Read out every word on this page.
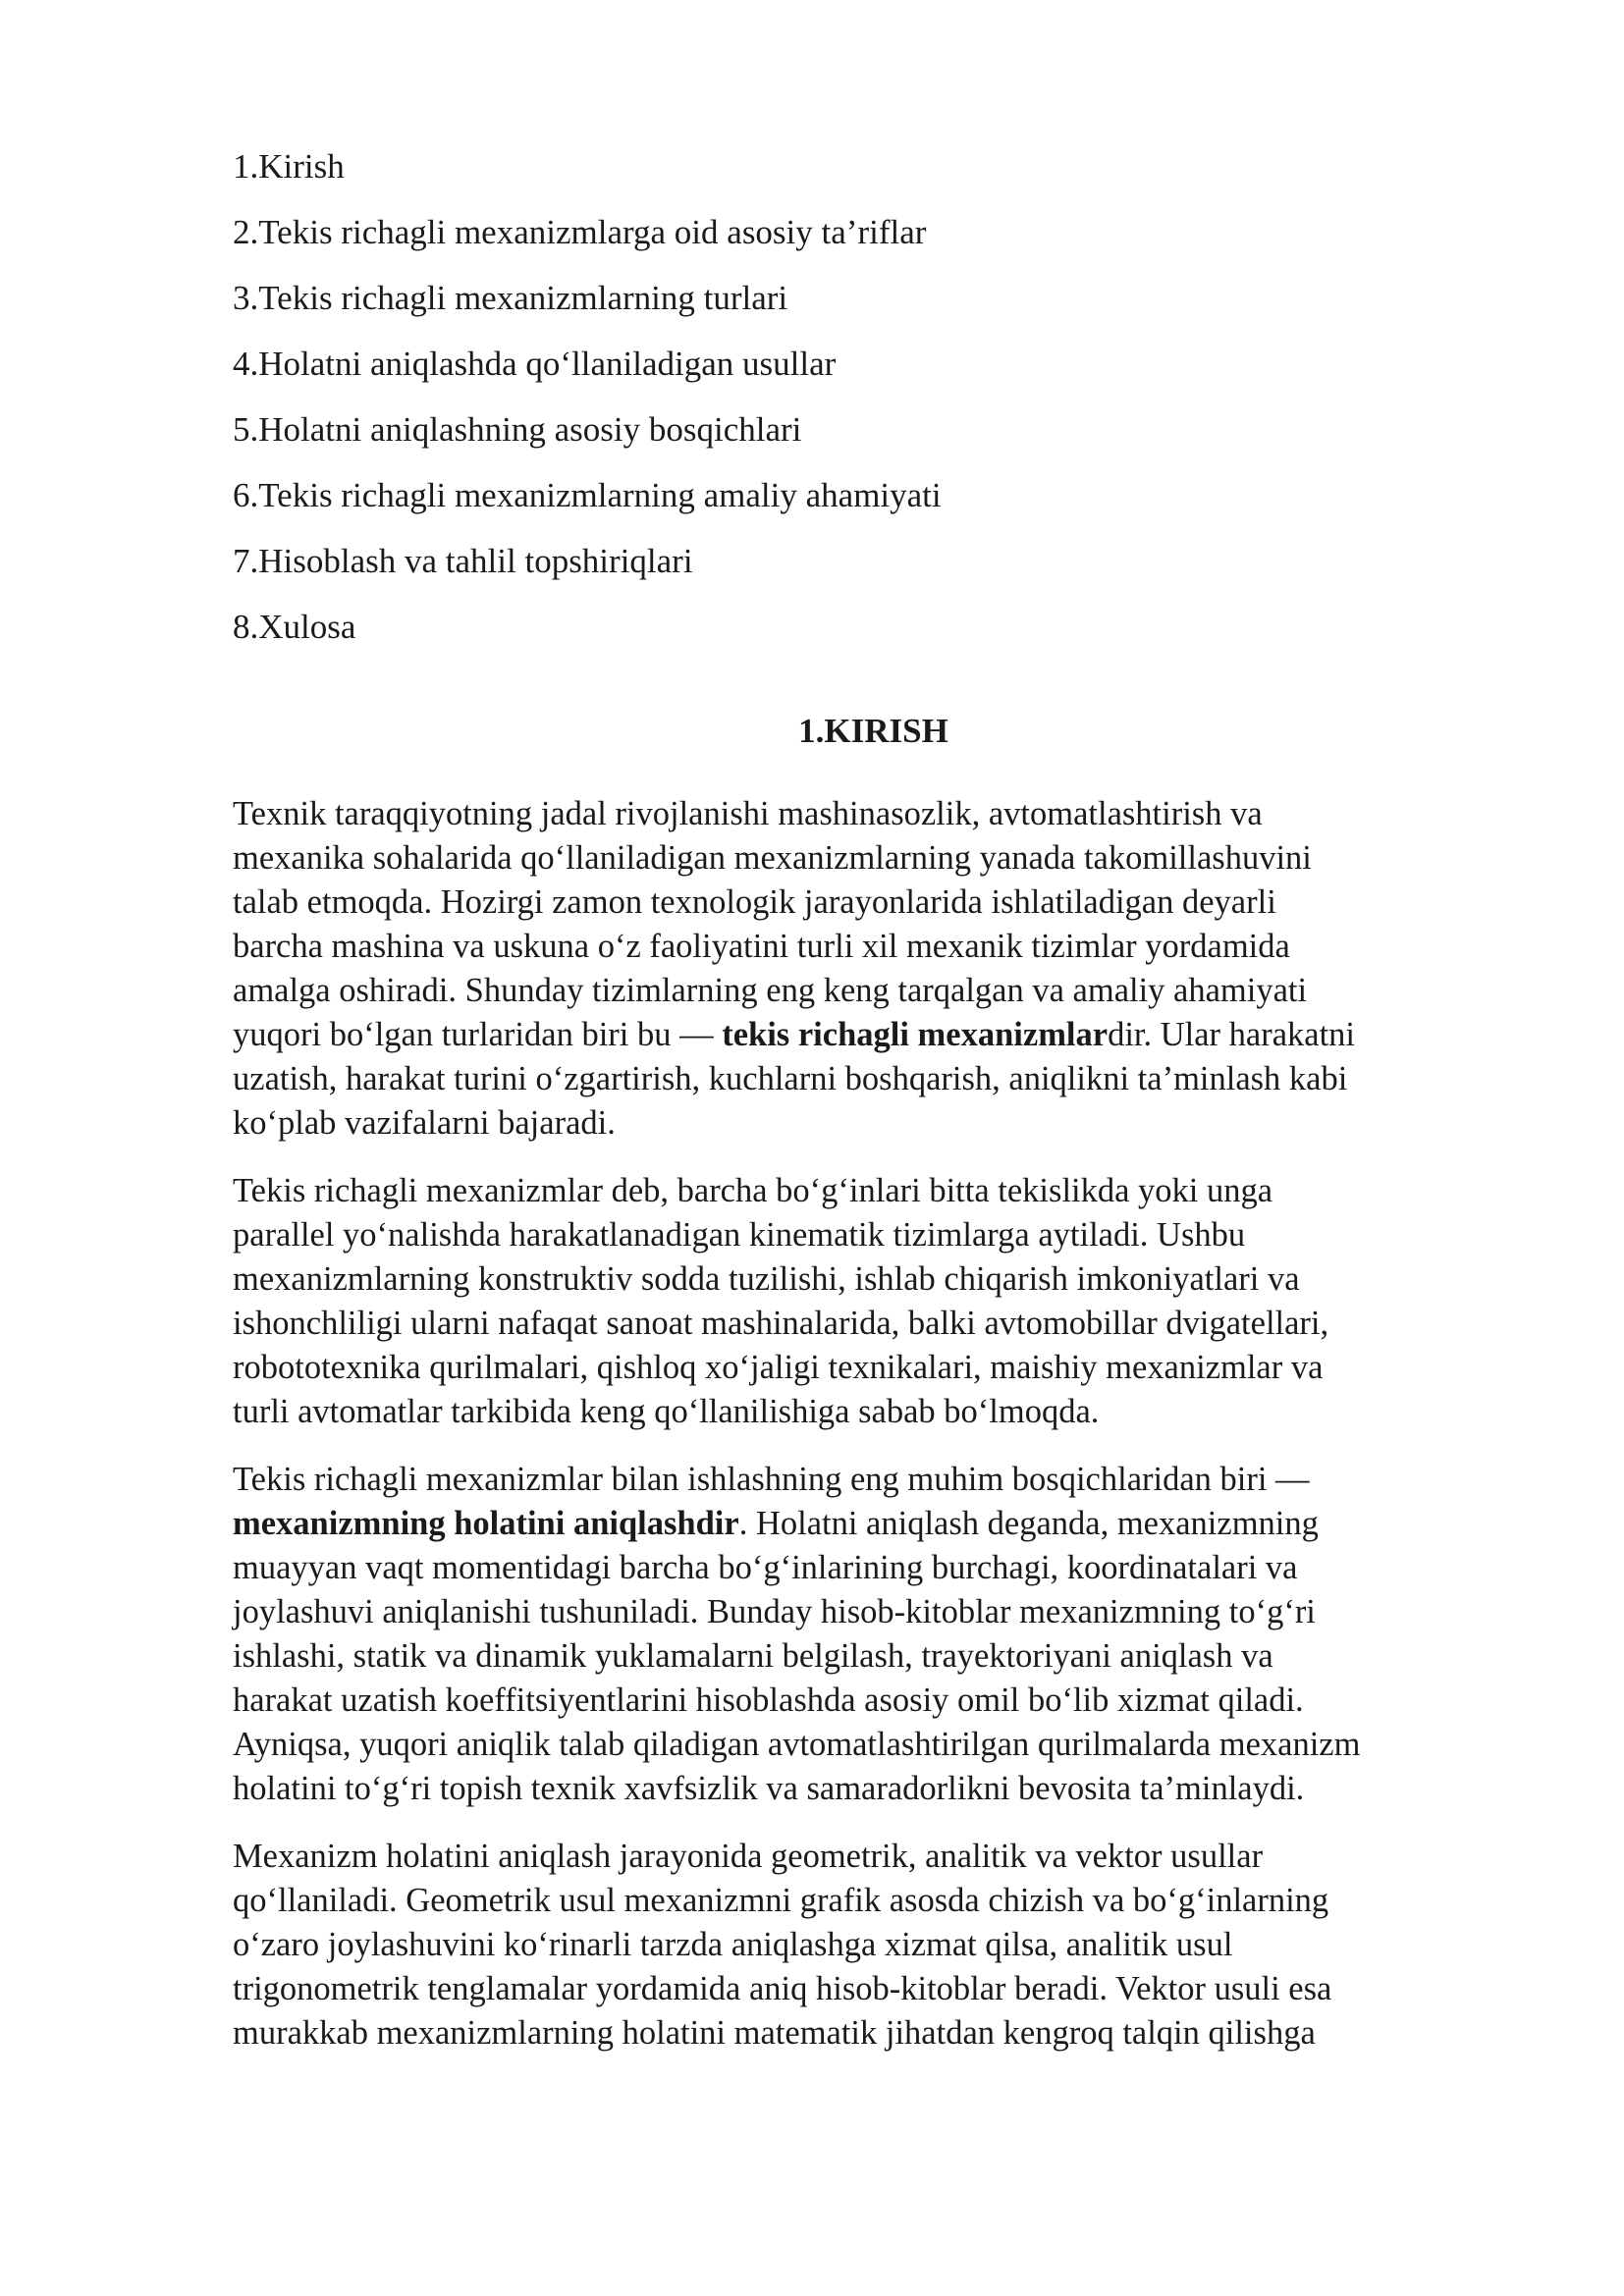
1.Kirish
2.Tekis richagli mexanizmlarga oid asosiy ta’riflar
3.Tekis richagli mexanizmlarning turlari
4.Holatni aniqlashda qo‘llaniladigan usullar
5.Holatni aniqlashning asosiy bosqichlari
6.Tekis richagli mexanizmlarning amaliy ahamiyati
7.Hisoblash va tahlil topshiriqlari
8.Xulosa
1.KIRISH

Texnik taraqqiyotning jadal rivojlanishi mashinasozlik, avtomatlashtirish va
mexanika sohalarida qo‘llaniladigan mexanizmlarning yanada takomillashuvini
talab etmoqda. Hozirgi zamon texnologik jarayonlarida ishlatiladigan deyarli
barcha mashina va uskuna o‘z faoliyatini turli xil mexanik tizimlar yordamida
amalga oshiradi. Shunday tizimlarning eng keng tarqalgan va amaliy ahamiyati
yuqori bo‘lgan turlaridan biri bu — tekis richagli mexanizmlardir. Ular harakatni
uzatish, harakat turini o‘zgartirish, kuchlarni boshqarish, aniqlikni ta’minlash kabi
ko‘plab vazifalarni bajaradi.

Tekis richagli mexanizmlar deb, barcha bo‘g‘inlari bitta tekislikda yoki unga
parallel yo‘nalishda harakatlanadigan kinematik tizimlarga aytiladi. Ushbu
mexanizmlarning konstruktiv sodda tuzilishi, ishlab chiqarish imkoniyatlari va
ishonchliligi ularni nafaqat sanoat mashinalarida, balki avtomobillar dvigatellari,
robototexnika qurilmalari, qishloq xo‘jaligi texnikalari, maishiy mexanizmlar va
turli avtomatlar tarkibida keng qo‘llanilishiga sabab bo‘lmoqda.

Tekis richagli mexanizmlar bilan ishlashning eng muhim bosqichlaridan biri —
mexanizmning holatini aniqlashdir. Holatni aniqlash deganda, mexanizmning
muayyan vaqt momentidagi barcha bo‘g‘inlarining burchagi, koordinatalari va
joylashuvi aniqlanishi tushuniladi. Bunday hisob-kitoblar mexanizmning to‘g‘ri
ishlashi, statik va dinamik yuklamalarni belgilash, trayektoriyani aniqlash va
harakat uzatish koeffitsiyentlarini hisoblashda asosiy omil bo‘lib xizmat qiladi.
Ayniqsa, yuqori aniqlik talab qiladigan avtomatlashtirilgan qurilmalarda mexanizm
holatini to‘g‘ri topish texnik xavfsizlik va samaradorlikni bevosita ta’minlaydi.

Mexanizm holatini aniqlash jarayonida geometrik, analitik va vektor usullar
qo‘llaniladi. Geometrik usul mexanizmni grafik asosda chizish va bo‘g‘inlarning
o‘zaro joylashuvini ko‘rinarli tarzda aniqlashga xizmat qilsa, analitik usul
trigonometrik tenglamalar yordamida aniq hisob-kitoblar beradi. Vektor usuli esa
murakkab mexanizmlarning holatini matematik jihatdan kengroq talqin qilishga
